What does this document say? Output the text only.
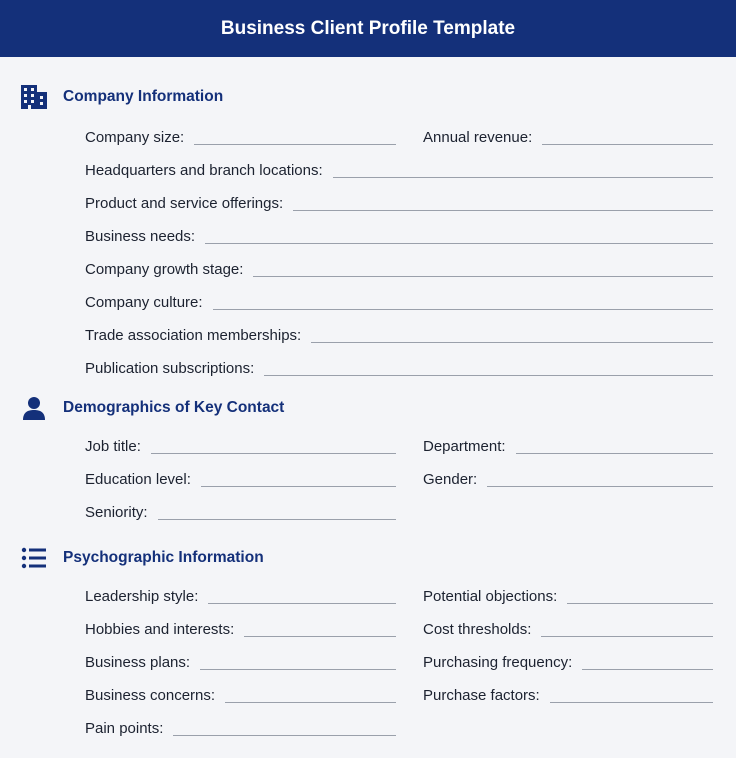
Business Client Profile Template
Company Information
Company size:	Annual revenue:
Headquarters and branch locations:
Product and service offerings:
Business needs:
Company growth stage:
Company culture:
Trade association memberships:
Publication subscriptions:
Demographics of Key Contact
Job title:	Department:
Education level:	Gender:
Seniority:
Psychographic Information
Leadership style:	Potential objections:
Hobbies and interests:	Cost thresholds:
Business plans:	Purchasing frequency:
Business concerns:	Purchase factors:
Pain points:
